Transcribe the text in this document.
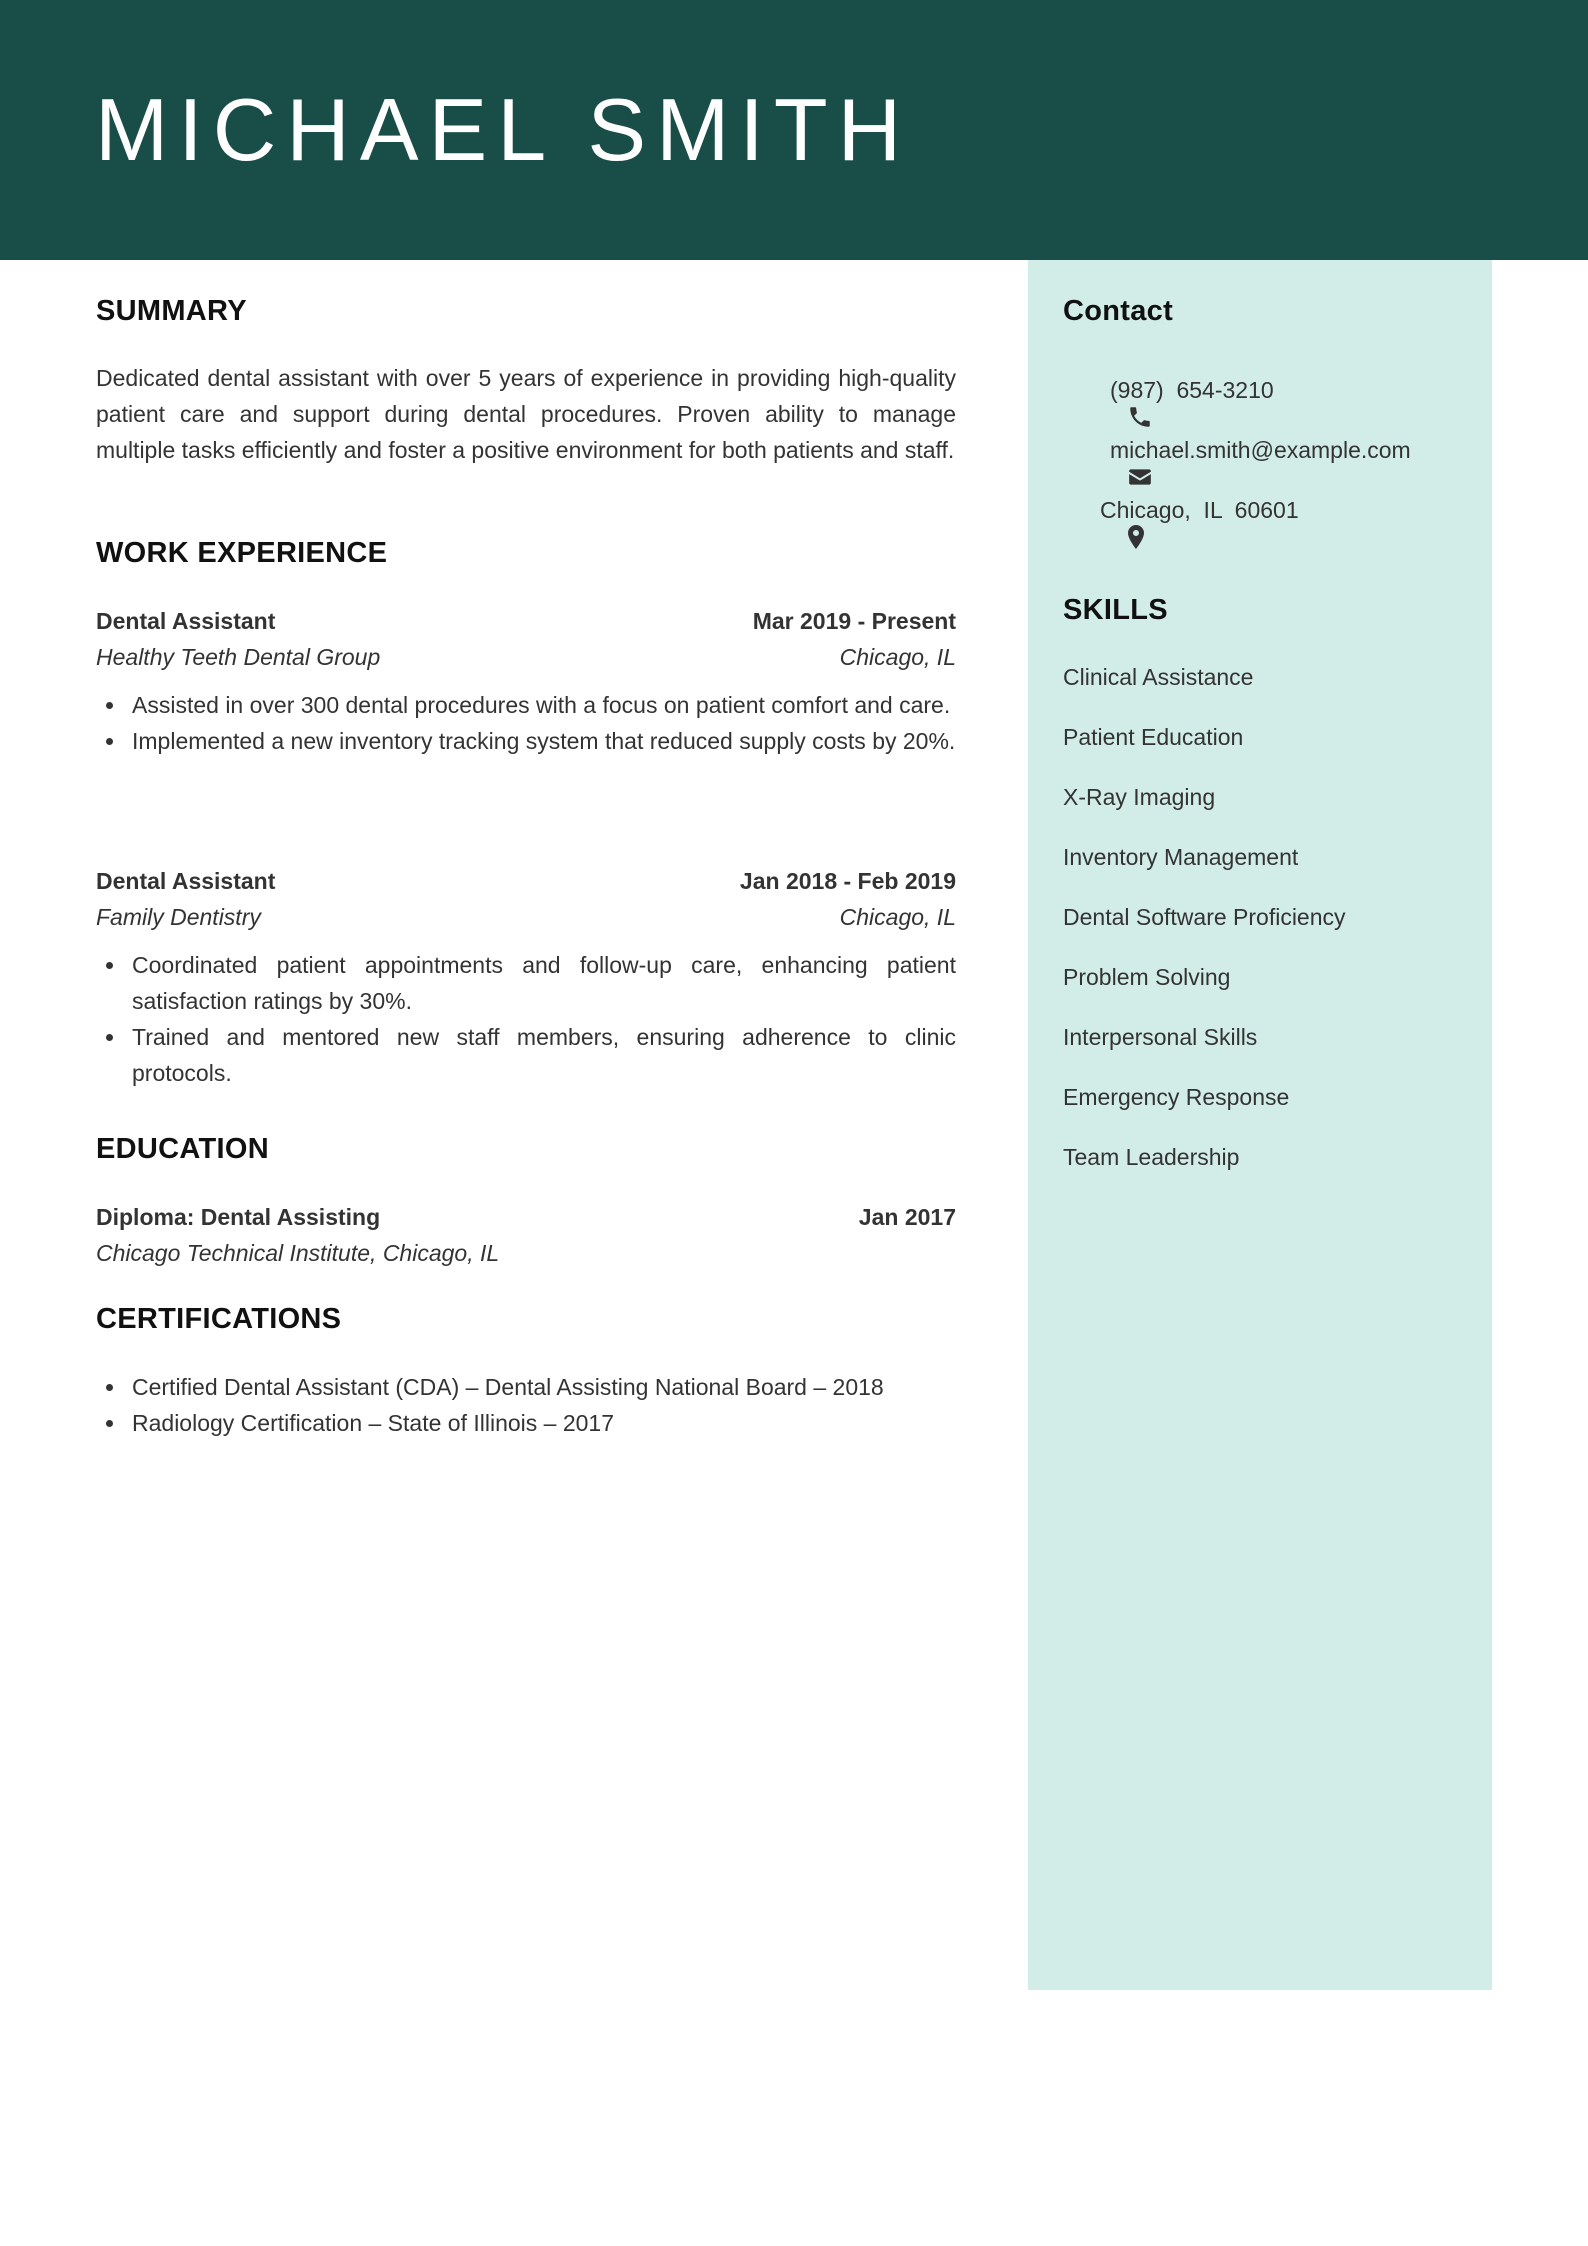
MICHAEL SMITH
Contact

(987)  654-3210

michael.smith@example.com

Chicago,  IL  60601
SKILLS
Clinical Assistance
Patient Education
X-Ray Imaging
Inventory Management
Dental Software Proficiency
Problem Solving
Interpersonal Skills
Emergency Response
Team Leadership
SUMMARY
Dedicated dental assistant with over 5 years of experience in providing high-quality patient care and support during dental procedures. Proven ability to manage multiple tasks efficiently and foster a positive environment for both patients and staff.
WORK EXPERIENCE
Dental Assistant	Mar 2019 - Present
Healthy Teeth Dental Group	Chicago, IL
Assisted in over 300 dental procedures with a focus on patient comfort and care.
Implemented a new inventory tracking system that reduced supply costs by 20%.
Dental Assistant	Jan 2018 - Feb 2019
Family Dentistry	Chicago, IL
Coordinated patient appointments and follow-up care, enhancing patient satisfaction ratings by 30%.
Trained and mentored new staff members, ensuring adherence to clinic protocols.
EDUCATION
Diploma: Dental Assisting	Jan 2017
Chicago Technical Institute, Chicago, IL
CERTIFICATIONS
Certified Dental Assistant (CDA) – Dental Assisting National Board – 2018
Radiology Certification – State of Illinois – 2017
